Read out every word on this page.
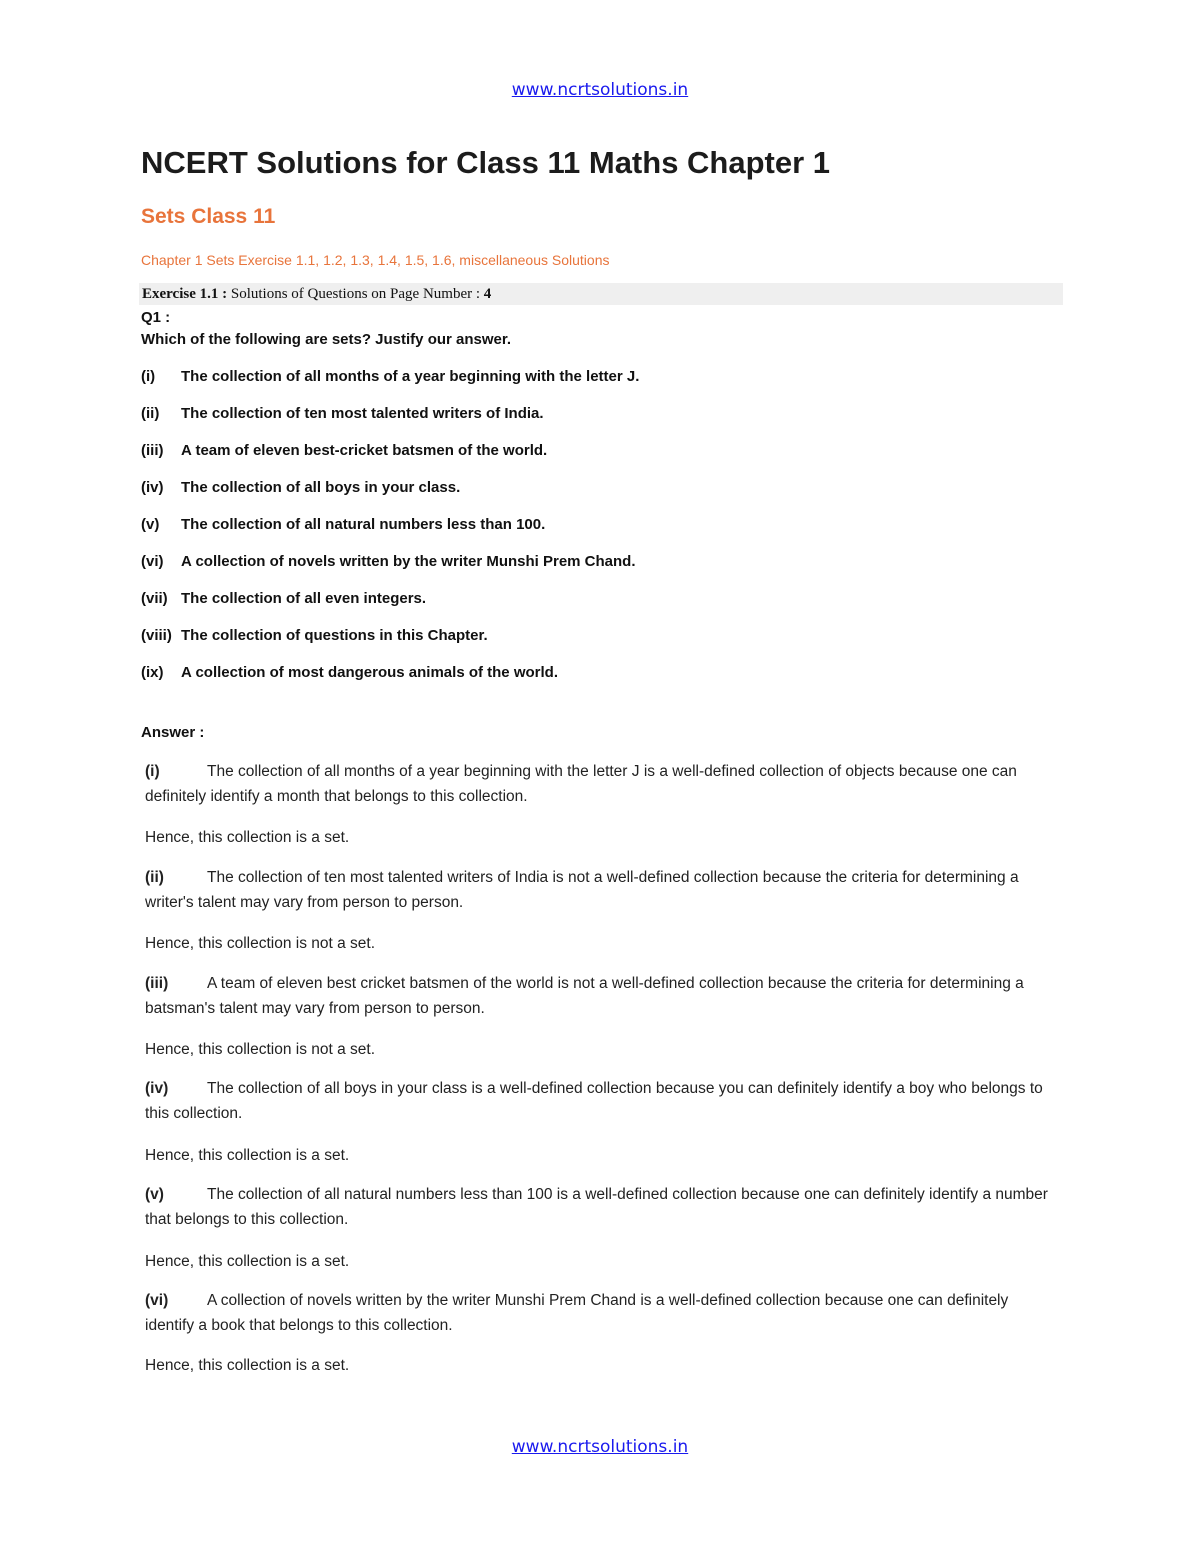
www.ncrtsolutions.in
NCERT Solutions for Class 11 Maths Chapter 1
Sets Class 11

Chapter 1 Sets Exercise 1.1, 1.2, 1.3, 1.4, 1.5, 1.6, miscellaneous Solutions

Exercise 1.1 : Solutions of Questions on Page Number : 4

Q1 :

Which of the following are sets? Justify our answer.

(i) The collection of all months of a year beginning with the letter J.
(ii) The collection of ten most talented writers of India.
(iii) A team of eleven best-cricket batsmen of the world.
(iv) The collection of all boys in your class.
(v) The collection of all natural numbers less than 100.
(vi) A collection of novels written by the writer Munshi Prem Chand.
(vii) The collection of all even integers.
(viii) The collection of questions in this Chapter.
(ix) A collection of most dangerous animals of the world.
Answer :
(i)	The collection of all months of a year beginning with the letter J is a well-defined collection of objects because one can definitely identify a month that belongs to this collection.
Hence, this collection is a set.
(ii)	The collection of ten most talented writers of India is not a well-defined collection because the criteria for determining a writer's talent may vary from person to person.
Hence, this collection is not a set.
(iii)	A team of eleven best cricket batsmen of the world is not a well-defined collection because the criteria for determining a batsman's talent may vary from person to person.
Hence, this collection is not a set.
(iv)	The collection of all boys in your class is a well-defined collection because you can definitely identify a boy who belongs to this collection.
Hence, this collection is a set.
(v)	The collection of all natural numbers less than 100 is a well-defined collection because one can definitely identify a number that belongs to this collection.
Hence, this collection is a set.
(vi)	A collection of novels written by the writer Munshi Prem Chand is a well-defined collection because one can definitely identify a book that belongs to this collection.
Hence, this collection is a set.
www.ncrtsolutions.in
